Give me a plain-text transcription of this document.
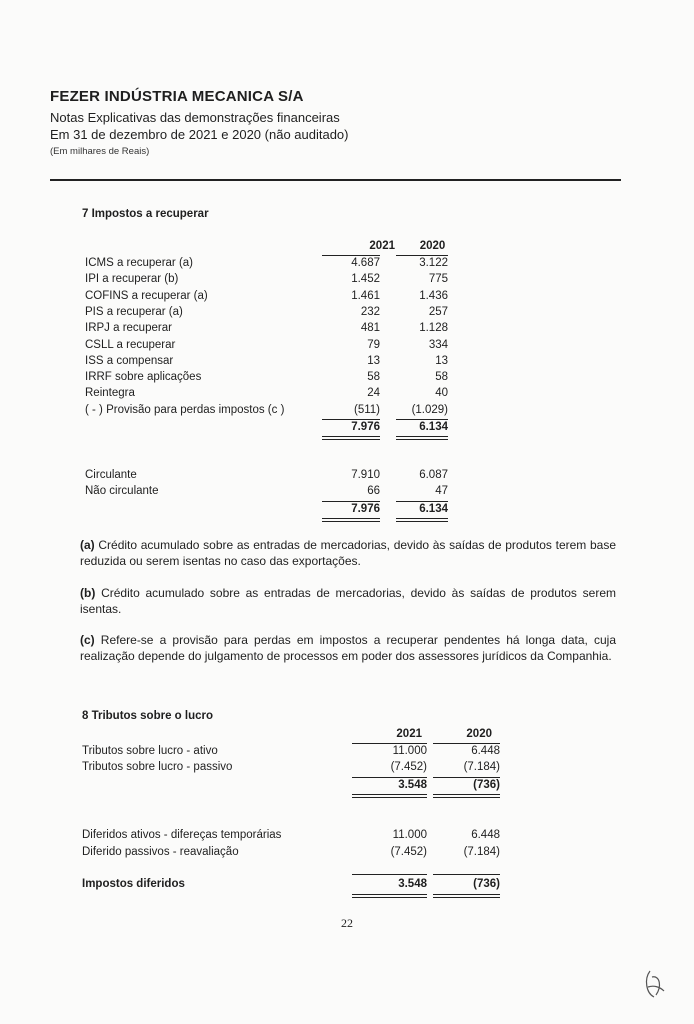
FEZER INDÚSTRIA MECANICA S/A
Notas Explicativas das demonstrações financeiras
Em 31 de dezembro de 2021 e 2020 (não auditado)
(Em milhares de Reais)
7 Impostos a recuperar
2021	2020
ICMS a recuperar (a)	4.687	3.122
IPI a recuperar (b)	1.452	775
COFINS a recuperar (a)	1.461	1.436
PIS a recuperar (a)	232	257
IRPJ a recuperar	481	1.128
CSLL a recuperar	79	334
ISS a compensar	13	13
IRRF sobre aplicações	58	58
Reintegra	24	40
( - ) Provisão para perdas impostos (c )	(511)	(1.029)
7.976	6.134
Circulante	7.910	6.087
Não circulante	66	47
7.976	6.134
(a) Crédito acumulado sobre as entradas de mercadorias, devido às saídas de produtos terem base reduzida ou serem isentas no caso das exportações.
(b) Crédito acumulado sobre as entradas de mercadorias, devido às saídas de produtos serem isentas.
(c) Refere-se a provisão para perdas em impostos a recuperar pendentes há longa data, cuja realização depende do julgamento de processos em poder dos assessores jurídicos da Companhia.
8 Tributos sobre o lucro
2021	2020
Tributos sobre lucro - ativo	11.000	6.448
Tributos sobre lucro - passivo	(7.452)	(7.184)
3.548	(736)
Diferidos ativos - difereças temporárias	11.000	6.448
Diferido passivos - reavaliação	(7.452)	(7.184)
Impostos diferidos	3.548	(736)
22
